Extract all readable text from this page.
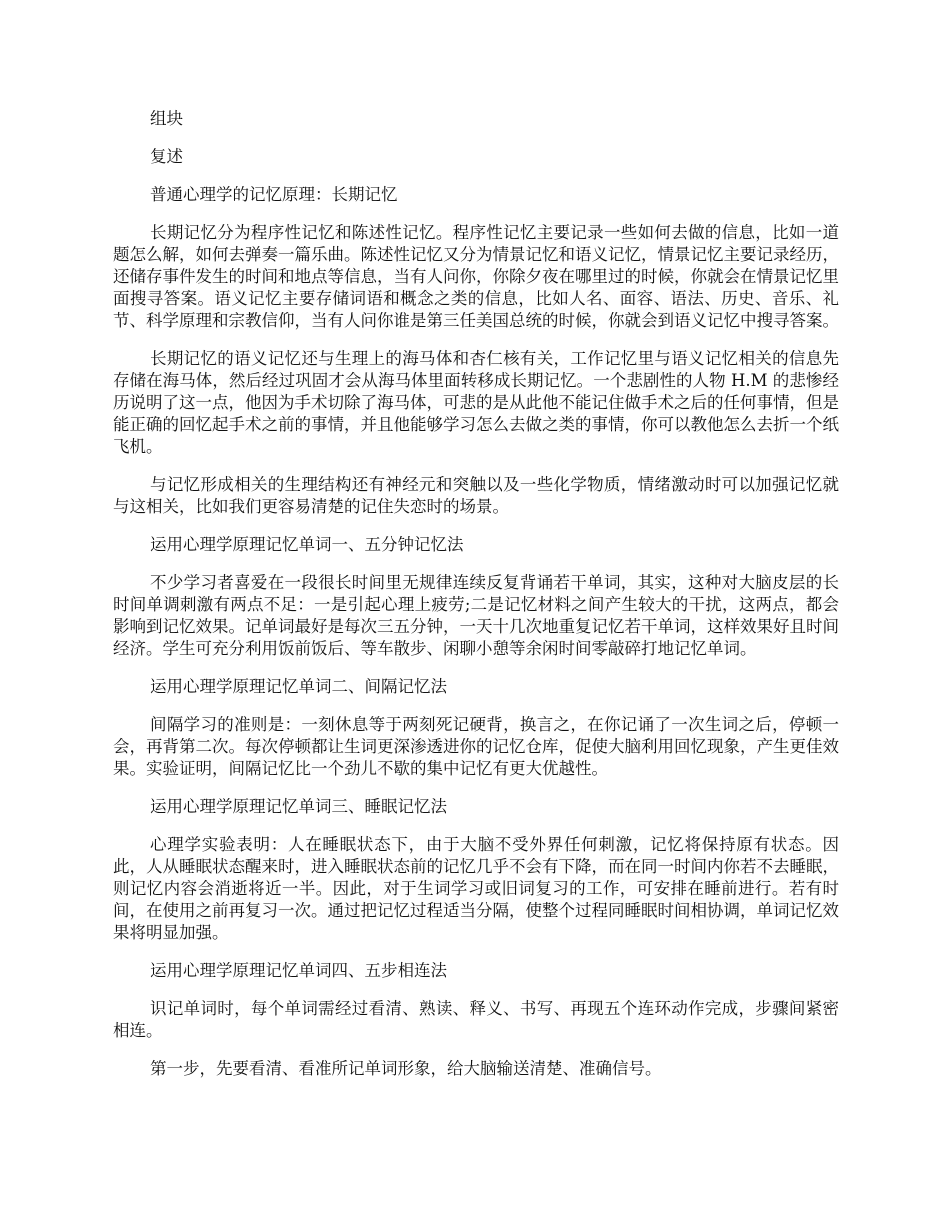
组块

复述

普通心理学的记忆原理：长期记忆

长期记忆分为程序性记忆和陈述性记忆。程序性记忆主要记录一些如何去做的信息，比如一道题怎么解，如何去弹奏一篇乐曲。陈述性记忆又分为情景记忆和语义记忆，情景记忆主要记录经历，还储存事件发生的时间和地点等信息，当有人问你，你除夕夜在哪里过的时候，你就会在情景记忆里面搜寻答案。语义记忆主要存储词语和概念之类的信息，比如人名、面容、语法、历史、音乐、礼节、科学原理和宗教信仰，当有人问你谁是第三任美国总统的时候，你就会到语义记忆中搜寻答案。

长期记忆的语义记忆还与生理上的海马体和杏仁核有关，工作记忆里与语义记忆相关的信息先存储在海马体，然后经过巩固才会从海马体里面转移成长期记忆。一个悲剧性的人物 H.M 的悲惨经历说明了这一点，他因为手术切除了海马体，可悲的是从此他不能记住做手术之后的任何事情，但是能正确的回忆起手术之前的事情，并且他能够学习怎么去做之类的事情，你可以教他怎么去折一个纸飞机。

与记忆形成相关的生理结构还有神经元和突触以及一些化学物质，情绪激动时可以加强记忆就与这相关，比如我们更容易清楚的记住失恋时的场景。

运用心理学原理记忆单词一、五分钟记忆法

不少学习者喜爱在一段很长时间里无规律连续反复背诵若干单词，其实，这种对大脑皮层的长时间单调刺激有两点不足：一是引起心理上疲劳;二是记忆材料之间产生较大的干扰，这两点，都会影响到记忆效果。记单词最好是每次三五分钟，一天十几次地重复记忆若干单词，这样效果好且时间经济。学生可充分利用饭前饭后、等车散步、闲聊小憩等余闲时间零敲碎打地记忆单词。

运用心理学原理记忆单词二、间隔记忆法

间隔学习的准则是：一刻休息等于两刻死记硬背，换言之，在你记诵了一次生词之后，停顿一会，再背第二次。每次停顿都让生词更深渗透进你的记忆仓库，促使大脑利用回忆现象，产生更佳效果。实验证明，间隔记忆比一个劲儿不歇的集中记忆有更大优越性。

运用心理学原理记忆单词三、睡眠记忆法

心理学实验表明：人在睡眠状态下，由于大脑不受外界任何刺激，记忆将保持原有状态。因此，人从睡眠状态醒来时，进入睡眠状态前的记忆几乎不会有下降，而在同一时间内你若不去睡眠，则记忆内容会消逝将近一半。因此，对于生词学习或旧词复习的工作，可安排在睡前进行。若有时间，在使用之前再复习一次。通过把记忆过程适当分隔，使整个过程同睡眠时间相协调，单词记忆效果将明显加强。

运用心理学原理记忆单词四、五步相连法

识记单词时，每个单词需经过看清、熟读、释义、书写、再现五个连环动作完成，步骤间紧密相连。

第一步，先要看清、看准所记单词形象，给大脑输送清楚、准确信号。
